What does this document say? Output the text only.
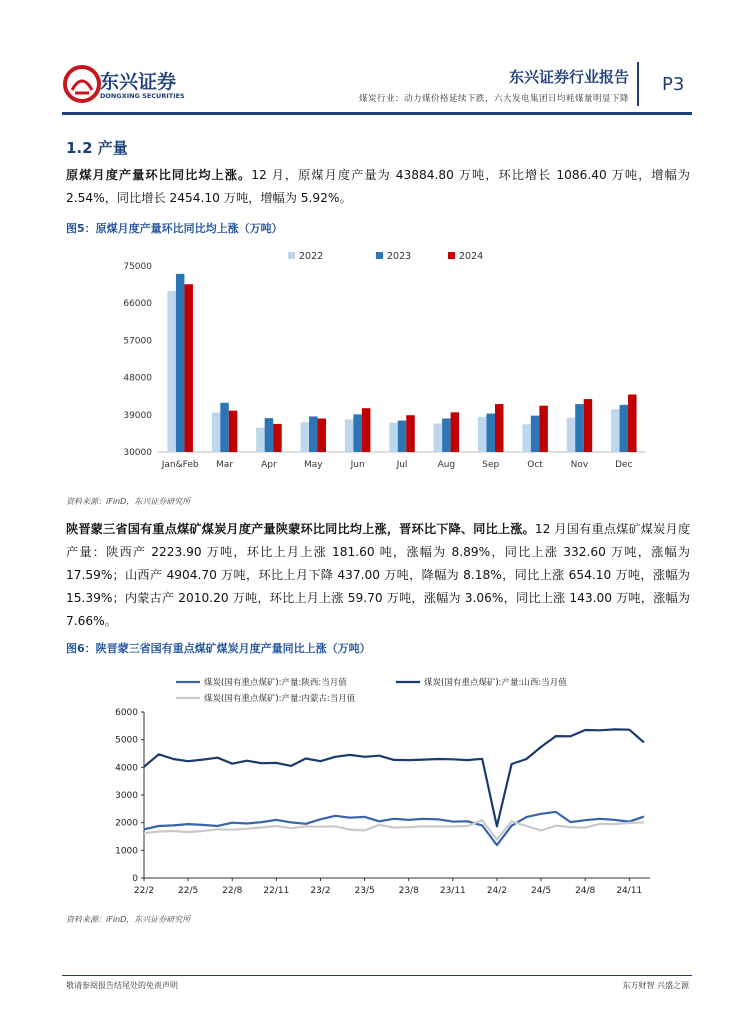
东兴证券
DONGXING SECURITIES
东兴证券行业报告
煤炭行业：动力煤价格延续下跌，六大发电集团日均耗煤量明显下降
P3
1.2 产量
原煤月度产量环比同比均上涨。12 月，原煤月度产量为 43884.80 万吨，环比增长 1086.40 万吨，增幅为 2.54%，同比增长 2454.10 万吨，增幅为 5.92%。
图5：原煤月度产量环比同比均上涨（万吨）
30000
39000
48000
57000
66000
75000
Jan&Feb Mar	Apr	May	Jun	Jul	Aug	Sep	Oct	Nov	Dec
2022	2023	2024
资料来源：iFinD，东兴证券研究所
陕晋蒙三省国有重点煤矿煤炭月度产量陕蒙环比同比均上涨，晋环比下降、同比上涨。12 月国有重点煤矿煤炭月度产量：陕西产 2223.90 万吨，环比上月上涨 181.60 吨，涨幅为 8.89%，同比上涨 332.60 万吨，涨幅为 17.59%；山西产 4904.70 万吨，环比上月下降 437.00 万吨，降幅为 8.18%，同比上涨 654.10 万吨，涨幅为 15.39%；内蒙古产 2010.20 万吨，环比上月上涨 59.70 万吨，涨幅为 3.06%，同比上涨 143.00 万吨，涨幅为 7.66%。
图6：陕晋蒙三省国有重点煤矿煤炭月度产量同比上涨（万吨）
0
1000
2000
3000
4000
5000
6000
22/2	22/5	22/8 22/11 23/2	23/5	23/8 23/11 24/2	24/5	24/8 24/11
煤炭(国有重点煤矿):产量:陕西:当月值	煤炭(国有重点煤矿):产量:山西:当月值
煤炭(国有重点煤矿):产量:内蒙古:当月值
资料来源：iFinD，东兴证券研究所
敬请参阅报告结尾处的免责声明	东方财智 兴盛之源
